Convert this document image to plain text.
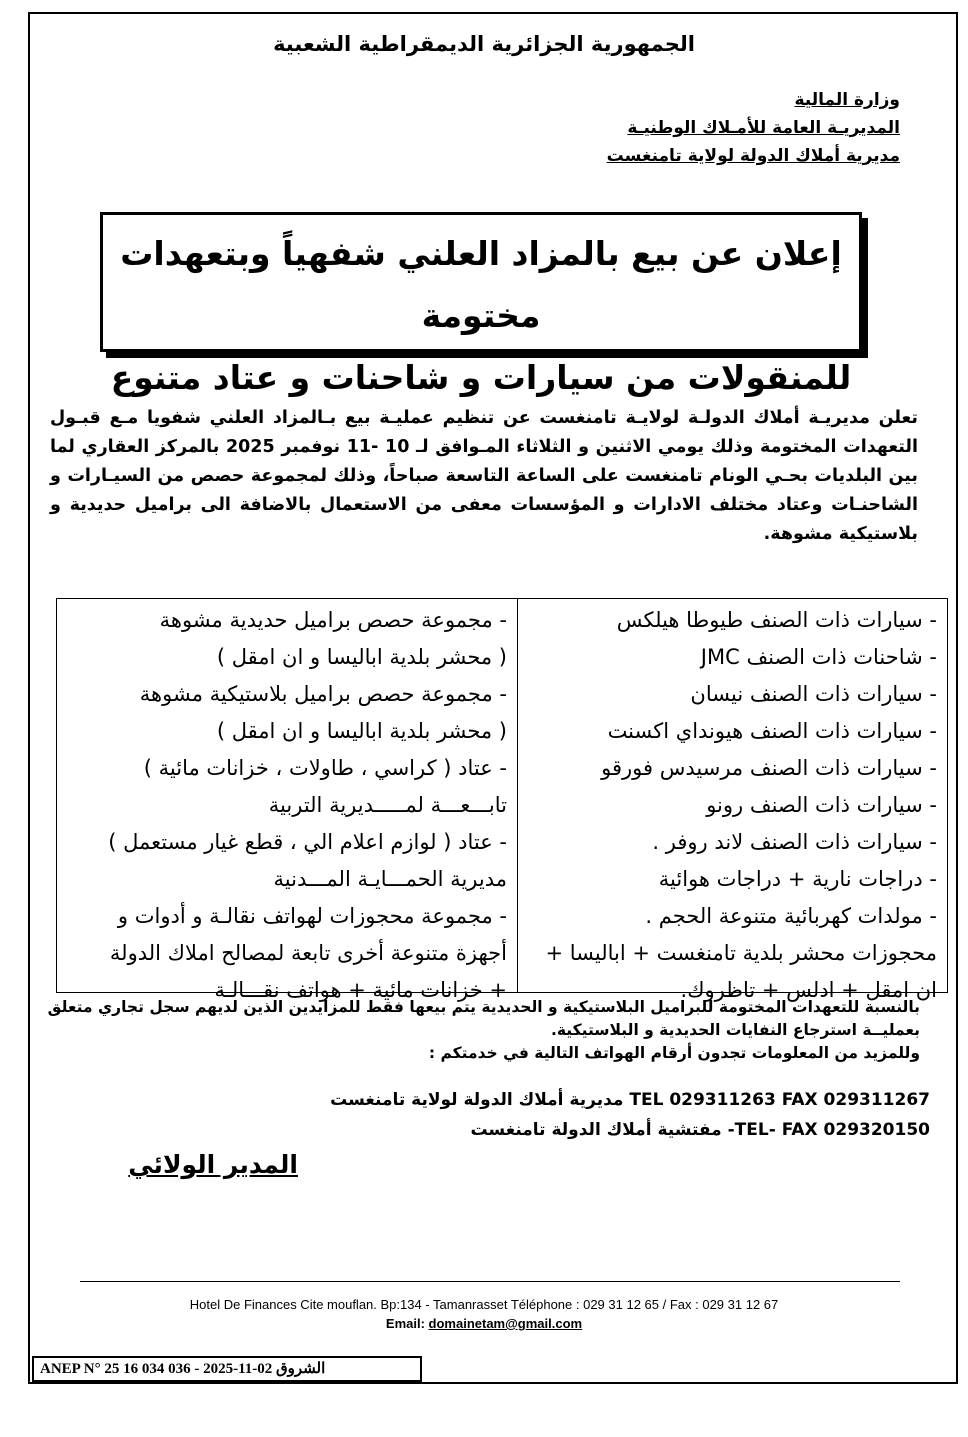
الجمهورية الجزائرية الديمقراطية الشعبية
وزارة المالية
المديريـة العامة للأمـلاك الوطنيـة
مديرية أملاك الدولة لولاية تامنغست
إعلان عن بيع بالمزاد العلني شفهياً وبتعهدات مختومة
للمنقولات من سيارات و شاحنات و عتاد متنوع
تعلن مديريـة أملاك الدولـة لولايـة تامنغست عن تنظيم عمليـة بيع بـالمزاد العلني شفويا مـع قبـول التعهدات المختومة وذلك يومي الاثنين و الثلاثاء المـوافق لـ 10 -11 نوفمبر 2025 بالمركز العقاري لما بين البلديات بحـي الونام تامنغست على الساعة التاسعة صباحاً، وذلك لمجموعة حصص من السيـارات و الشاحنـات وعتاد مختلف الادارات و المؤسسات معفى من الاستعمال بالاضافة الى براميل حديدية و بلاستيكية مشوهة.
- سيارات ذات الصنف طيوطا هيلكس
- شاحنات ذات الصنف JMC
- سيارات ذات الصنف نيسان
- سيارات ذات الصنف هيونداي اكسنت
- سيارات ذات الصنف مرسيدس فورقو
- سيارات ذات الصنف رونو
- سيارات ذات الصنف لاند روفر .
- دراجات نارية + دراجات هوائية
- مولدات كهربائية متنوعة الحجم .
محجوزات محشر بلدية تامنغست + ابالیسا +
ان امقل + ادلس + تاظروك.
- مجموعة حصص براميل حديدية مشوهة
( محشر بلدية ابالیسا و ان امقل )
- مجموعة حصص براميل بلاستيكية مشوهة
( محشر بلدية ابالیسا و ان امقل )
- عتاد ( كراسي ، طاولات ، خزانات مائية )
تابـــعـــة لمـــــديرية التربية
- عتاد ( لوازم اعلام الي ، قطع غيار مستعمل )
مديرية الحمـــايـة المـــدنية
- مجموعة محجوزات لهواتف نقالـة و أدوات و
أجهزة متنوعة أخرى تابعة لمصالح املاك الدولة
+ خزانات مائية + هواتف نقـــالـة
بالنسبة للتعهدات المختومة للبراميل البلاستيكية و الحديدية يتم بيعها فقط للمزايدين الذين لديهم سجل تجاري متعلق
بعمليــة استرجاع النفايات الحديدية و البلاستيكية.
وللمزيد من المعلومات تجدون أرقام الهواتف التالية في خدمتكم :
TEL 029311263 FAX 029311267 مديرية أملاك الدولة لولاية تامنغست
TEL- FAX 029320150- مفتشية أملاك الدولة تامنغست
المدير الولائي
Hotel De Finances Cite mouflan. Bp:134 - Tamanrasset Téléphone : 029 31 12 65 / Fax : 029 31 12 67
Email: domainetam@gmail.com
ANEP N° 25 16 034 036 - 2025-11-02 الشروق
